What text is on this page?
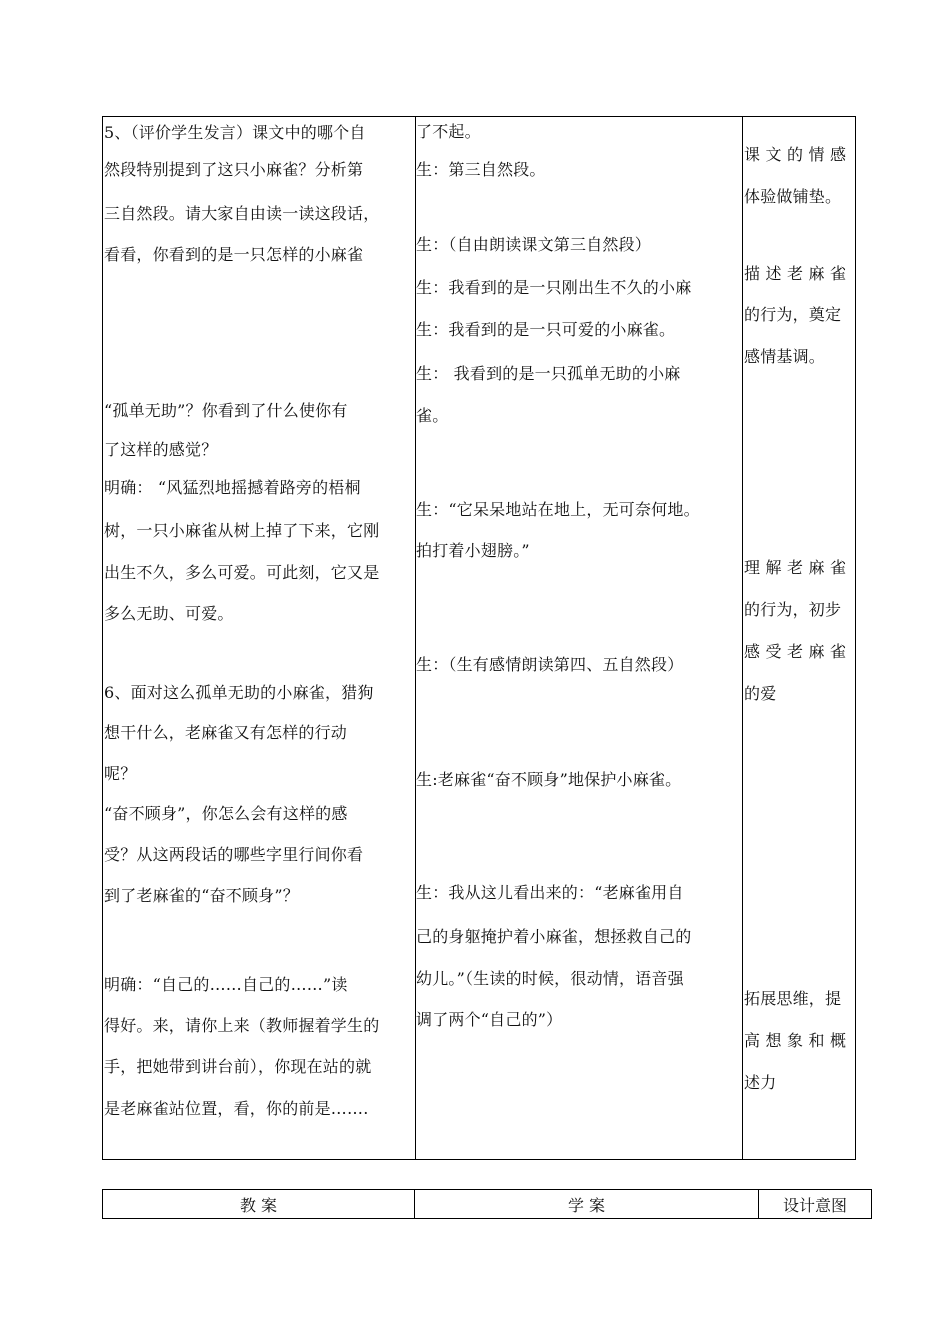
5、（评价学生发言）课文中的哪个自
然段特别提到了这只小麻雀？分析第
三自然段。请大家自由读一读这段话，
看看，你看到的是一只怎样的小麻雀
“孤单无助”？你看到了什么使你有
了这样的感觉？
明确： “风猛烈地摇撼着路旁的梧桐
树，一只小麻雀从树上掉了下来，它刚
出生不久，多么可爱。可此刻，它又是
多么无助、可爱。
6、面对这么孤单无助的小麻雀，猎狗
想干什么，老麻雀又有怎样的行动
呢？
“奋不顾身”，你怎么会有这样的感
受？从这两段话的哪些字里行间你看
到了老麻雀的“奋不顾身”？
明确：“自己的……自己的……”读
得好。来，请你上来（教师握着学生的
手，把她带到讲台前），你现在站的就
是老麻雀站位置，看，你的前是…….
了不起。
生：第三自然段。
生：（自由朗读课文第三自然段）
生：我看到的是一只刚出生不久的小麻
生：我看到的是一只可爱的小麻雀。
生： 我看到的是一只孤单无助的小麻
雀。
生：“它呆呆地站在地上，无可奈何地。
拍打着小翅膀。”
生：（生有感情朗读第四、五自然段）
生:老麻雀“奋不顾身”地保护小麻雀。
生：我从这儿看出来的：“老麻雀用自
己的身躯掩护着小麻雀，想拯救自己的
幼儿。”（生读的时候，很动情，语音强
调了两个“自己的”）
课 文 的 情 感
体验做铺垫。
描 述 老 麻 雀
的行为，奠定
感情基调。
理 解 老 麻 雀
的行为，初步
感 受 老 麻 雀
的爱
拓展思维，提
高 想 象 和 概
述力
教 案	学 案	设计意图
